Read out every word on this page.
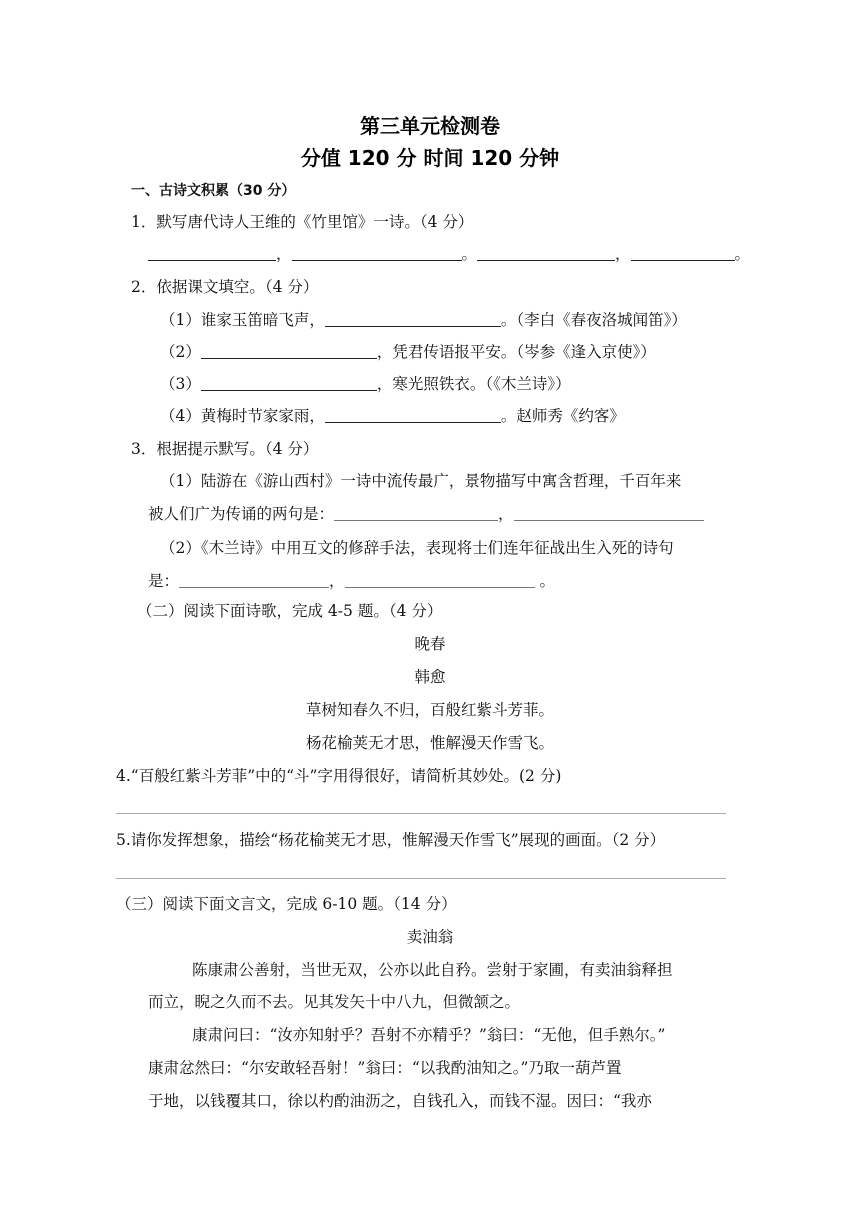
第三单元检测卷
分值 120 分 时间 120 分钟
一、古诗文积累（30 分）
1．默写唐代诗人王维的《竹里馆》一诗。（4 分）
，	。	，	。
2．依据课文填空。（4 分）
（1）谁家玉笛暗飞声，	。（李白《春夜洛城闻笛》）
（2）	，凭君传语报平安。（岑参《逢入京使》）
（3）	，寒光照铁衣。（《木兰诗》）
（4）黄梅时节家家雨，	。赵师秀《约客》
3．根据提示默写。（4 分）
（1）陆游在《游山西村》一诗中流传最广，景物描写中寓含哲理，千百年来
被人们广为传诵的两句是：	，
（2）《木兰诗》中用互文的修辞手法，表现将士们连年征战出生入死的诗句
是：	，	。
（二）阅读下面诗歌，完成 4-5 题。（4 分）
晚春
韩愈
草树知春久不归，百般红紫斗芳菲。
杨花榆荚无才思，惟解漫天作雪飞。
4.“百般红紫斗芳菲”中的“斗”字用得很好，请简析其妙处。(2 分)
5.请你发挥想象，描绘“杨花榆荚无才思，惟解漫天作雪飞”展现的画面。（2 分）
（三）阅读下面文言文，完成 6-10 题。（14 分）
卖油翁
陈康肃公善射，当世无双，公亦以此自矜。尝射于家圃，有卖油翁释担
而立，睨之久而不去。见其发矢十中八九，但微颔之。
康肃问曰：“汝亦知射乎？吾射不亦精乎？”翁曰：“无他，但手熟尔。”
康肃忿然曰：“尔安敢轻吾射！”翁曰：“以我酌油知之。”乃取一葫芦置
于地，以钱覆其口，徐以杓酌油沥之，自钱孔入，而钱不湿。因曰：“我亦
